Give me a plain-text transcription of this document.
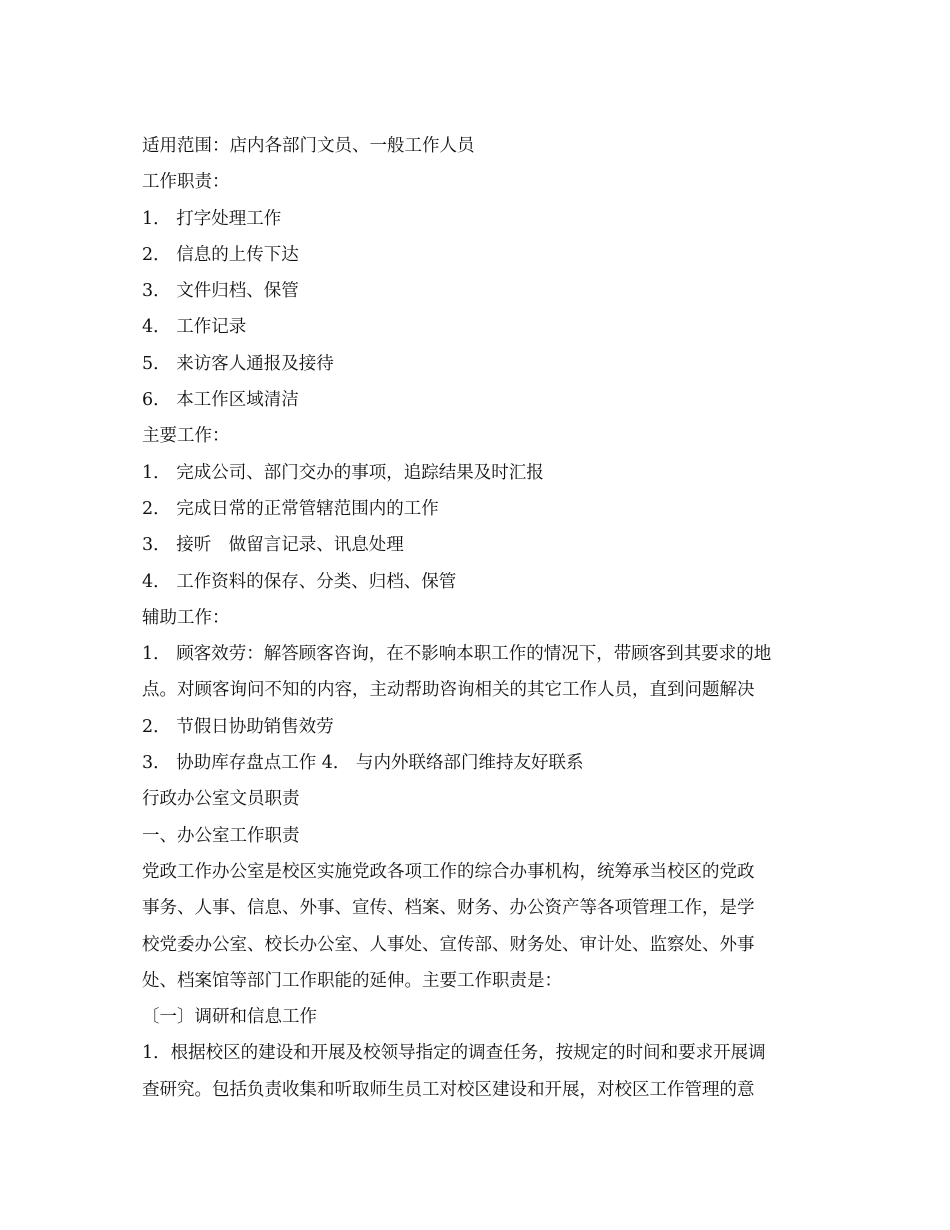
适用范围：店内各部门文员、一般工作人员
工作职责：
1． 打字处理工作
2． 信息的上传下达
3． 文件归档、保管
4． 工作记录
5． 来访客人通报及接待
6． 本工作区域清洁
主要工作：
1． 完成公司、部门交办的事项，追踪结果及时汇报
2． 完成日常的正常管辖范围内的工作
3． 接听　做留言记录、讯息处理
4． 工作资料的保存、分类、归档、保管
辅助工作：
1． 顾客效劳：解答顾客咨询，在不影响本职工作的情况下，带顾客到其要求的地
点。对顾客询问不知的内容，主动帮助咨询相关的其它工作人员，直到问题解决
2． 节假日协助销售效劳
3． 协助库存盘点工作 4． 与内外联络部门维持友好联系
行政办公室文员职责
一、办公室工作职责
党政工作办公室是校区实施党政各项工作的综合办事机构，统筹承当校区的党政
事务、人事、信息、外事、宣传、档案、财务、办公资产等各项管理工作，是学
校党委办公室、校长办公室、人事处、宣传部、财务处、审计处、监察处、外事
处、档案馆等部门工作职能的延伸。主要工作职责是：
〔一〕调研和信息工作
1．根据校区的建设和开展及校领导指定的调查任务，按规定的时间和要求开展调
查研究。包括负责收集和听取师生员工对校区建设和开展，对校区工作管理的意
